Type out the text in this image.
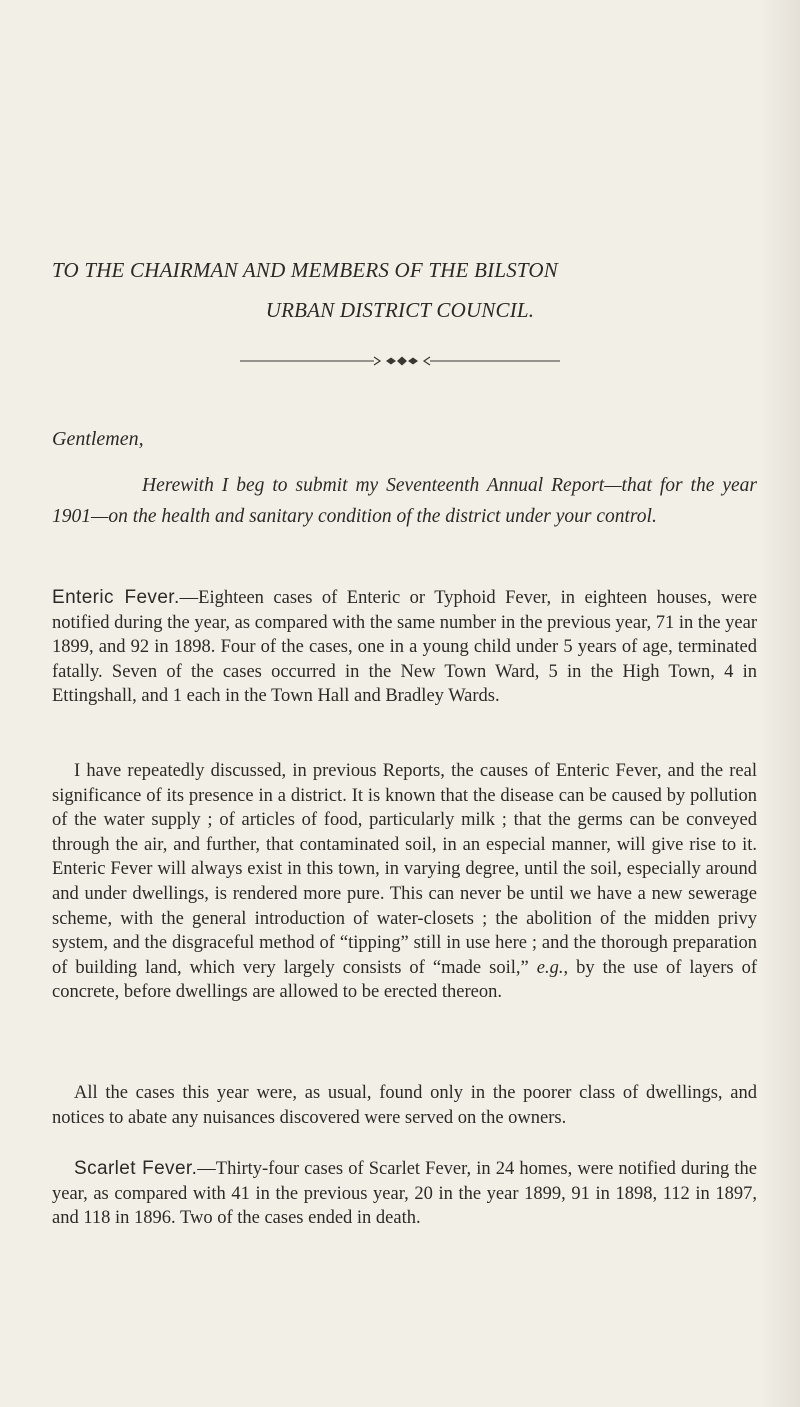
TO THE CHAIRMAN AND MEMBERS OF THE BILSTON
URBAN DISTRICT COUNCIL.
Gentlemen,
Herewith I beg to submit my Seventeenth Annual Report—that for the year 1901—on the health and sanitary condition of the district under your control.
Enteric Fever.—Eighteen cases of Enteric or Typhoid Fever, in eighteen houses, were notified during the year, as compared with the same number in the previous year, 71 in the year 1899, and 92 in 1898. Four of the cases, one in a young child under 5 years of age, terminated fatally. Seven of the cases occurred in the New Town Ward, 5 in the High Town, 4 in Ettingshall, and 1 each in the Town Hall and Bradley Wards.
I have repeatedly discussed, in previous Reports, the causes of Enteric Fever, and the real significance of its presence in a district. It is known that the disease can be caused by pollution of the water supply ; of articles of food, particularly milk ; that the germs can be conveyed through the air, and further, that contaminated soil, in an especial manner, will give rise to it. Enteric Fever will always exist in this town, in varying degree, until the soil, especially around and under dwellings, is rendered more pure. This can never be until we have a new sewerage scheme, with the general introduction of water-closets ; the abolition of the midden privy system, and the disgraceful method of “tipping” still in use here ; and the thorough preparation of building land, which very largely consists of “made soil,” e.g., by the use of layers of concrete, before dwellings are allowed to be erected thereon.
All the cases this year were, as usual, found only in the poorer class of dwellings, and notices to abate any nuisances discovered were served on the owners.
Scarlet Fever.—Thirty-four cases of Scarlet Fever, in 24 homes, were notified during the year, as compared with 41 in the previous year, 20 in the year 1899, 91 in 1898, 112 in 1897, and 118 in 1896. Two of the cases ended in death.
